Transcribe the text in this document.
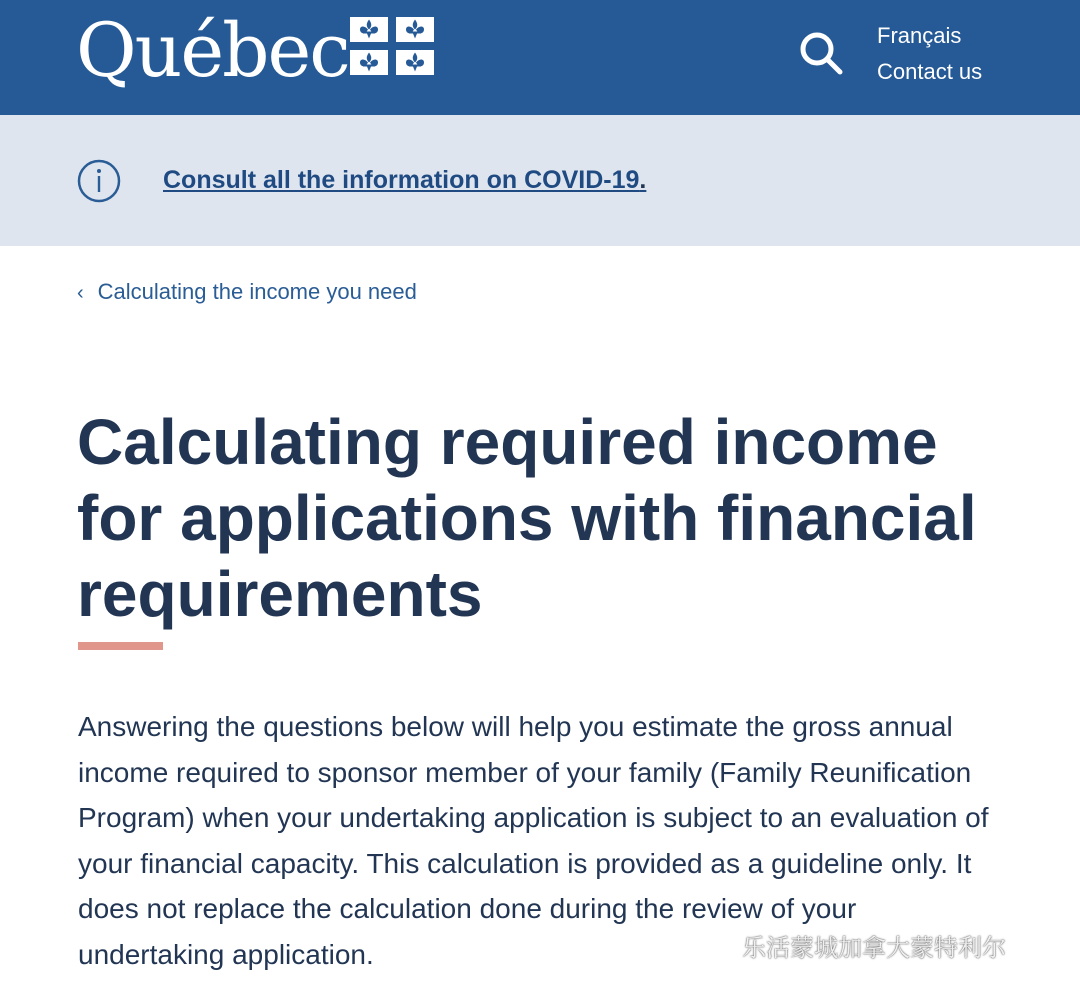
Québec	Français
Contact us
Consult all the information on COVID-19.
‹ Calculating the income you need
Calculating required income for applications with financial requirements

Answering the questions below will help you estimate the gross annual income required to sponsor member of your family (Family Reunification Program) when your undertaking application is subject to an evaluation of your financial capacity. This calculation is provided as a guideline only. It does not replace the calculation done during the review of your undertaking application.	乐活蒙城加拿大蒙特利尔
